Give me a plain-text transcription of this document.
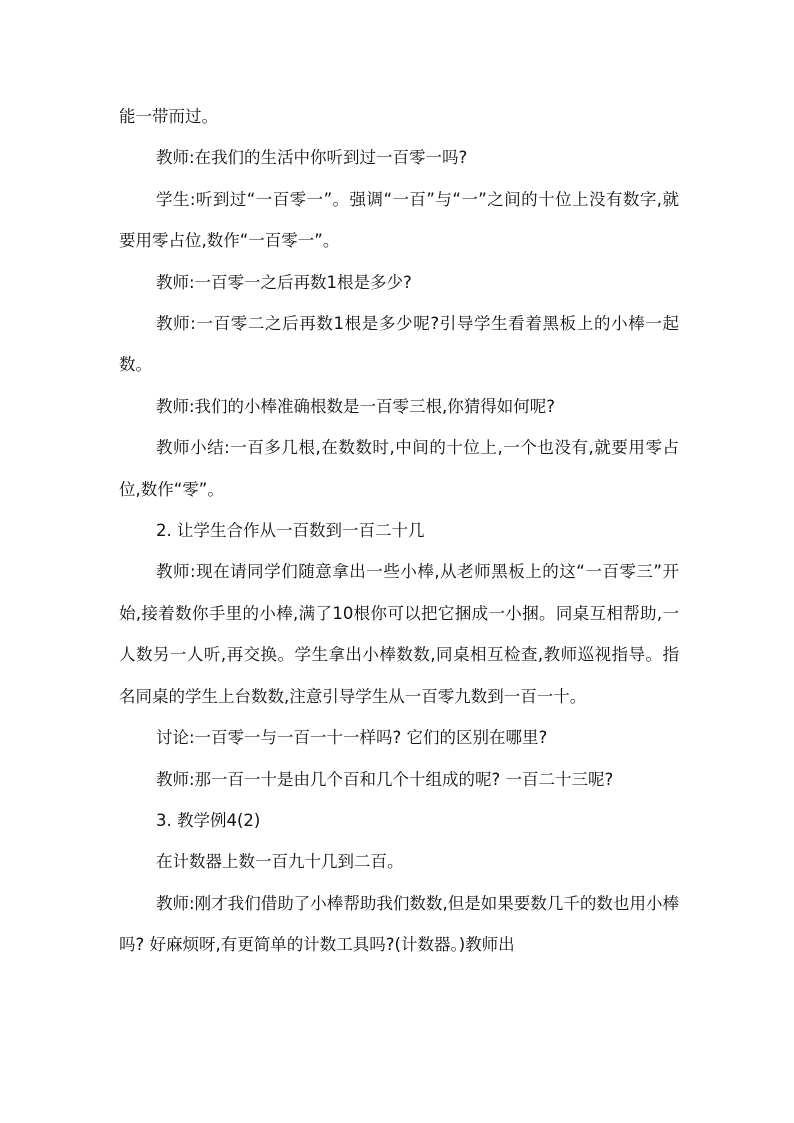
能一带而过。

教师:在我们的生活中你听到过一百零一吗?

学生:听到过“一百零一”。强调“一百”与“一”之间的十位上没有数字,就要用零占位,数作“一百零一”。

教师:一百零一之后再数1根是多少?

教师:一百零二之后再数1根是多少呢?引导学生看着黑板上的小棒一起数。

教师:我们的小棒准确根数是一百零三根,你猜得如何呢?

教师小结:一百多几根,在数数时,中间的十位上,一个也没有,就要用零占位,数作“零”。

2. 让学生合作从一百数到一百二十几

教师:现在请同学们随意拿出一些小棒,从老师黑板上的这“一百零三”开始,接着数你手里的小棒,满了10根你可以把它捆成一小捆。同桌互相帮助,一人数另一人听,再交换。学生拿出小棒数数,同桌相互检查,教师巡视指导。指名同桌的学生上台数数,注意引导学生从一百零九数到一百一十。

讨论:一百零一与一百一十一样吗? 它们的区别在哪里?

教师:那一百一十是由几个百和几个十组成的呢? 一百二十三呢?

3. 教学例4(2)

在计数器上数一百九十几到二百。

教师:刚才我们借助了小棒帮助我们数数,但是如果要数几千的数也用小棒吗? 好麻烦呀,有更简单的计数工具吗?(计数器。)教师出
